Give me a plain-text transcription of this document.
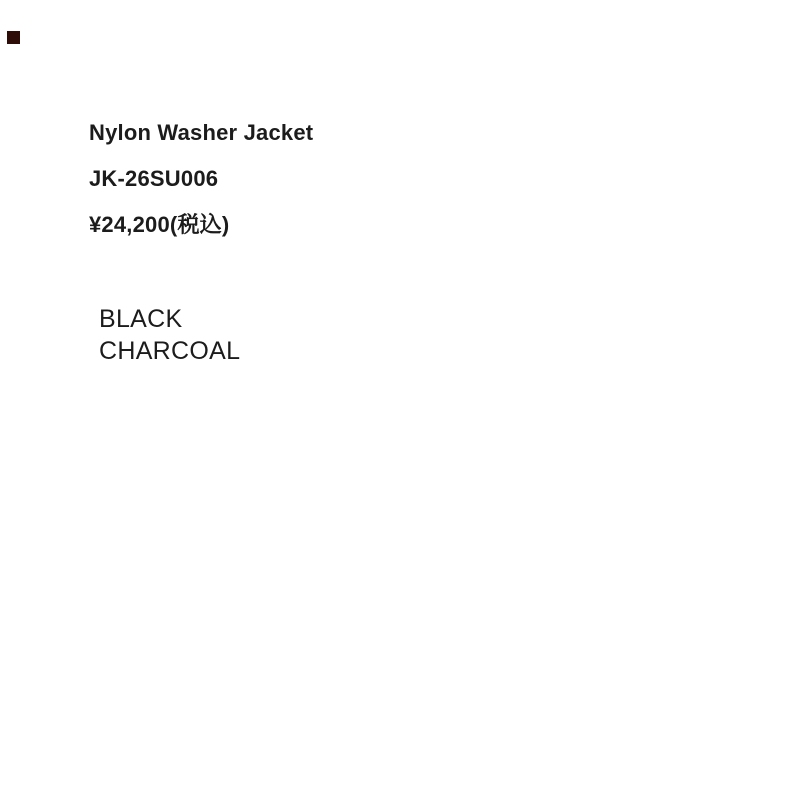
Nylon Washer Jacket
JK-26SU006
¥24,200(税込)
BLACK
CHARCOAL
